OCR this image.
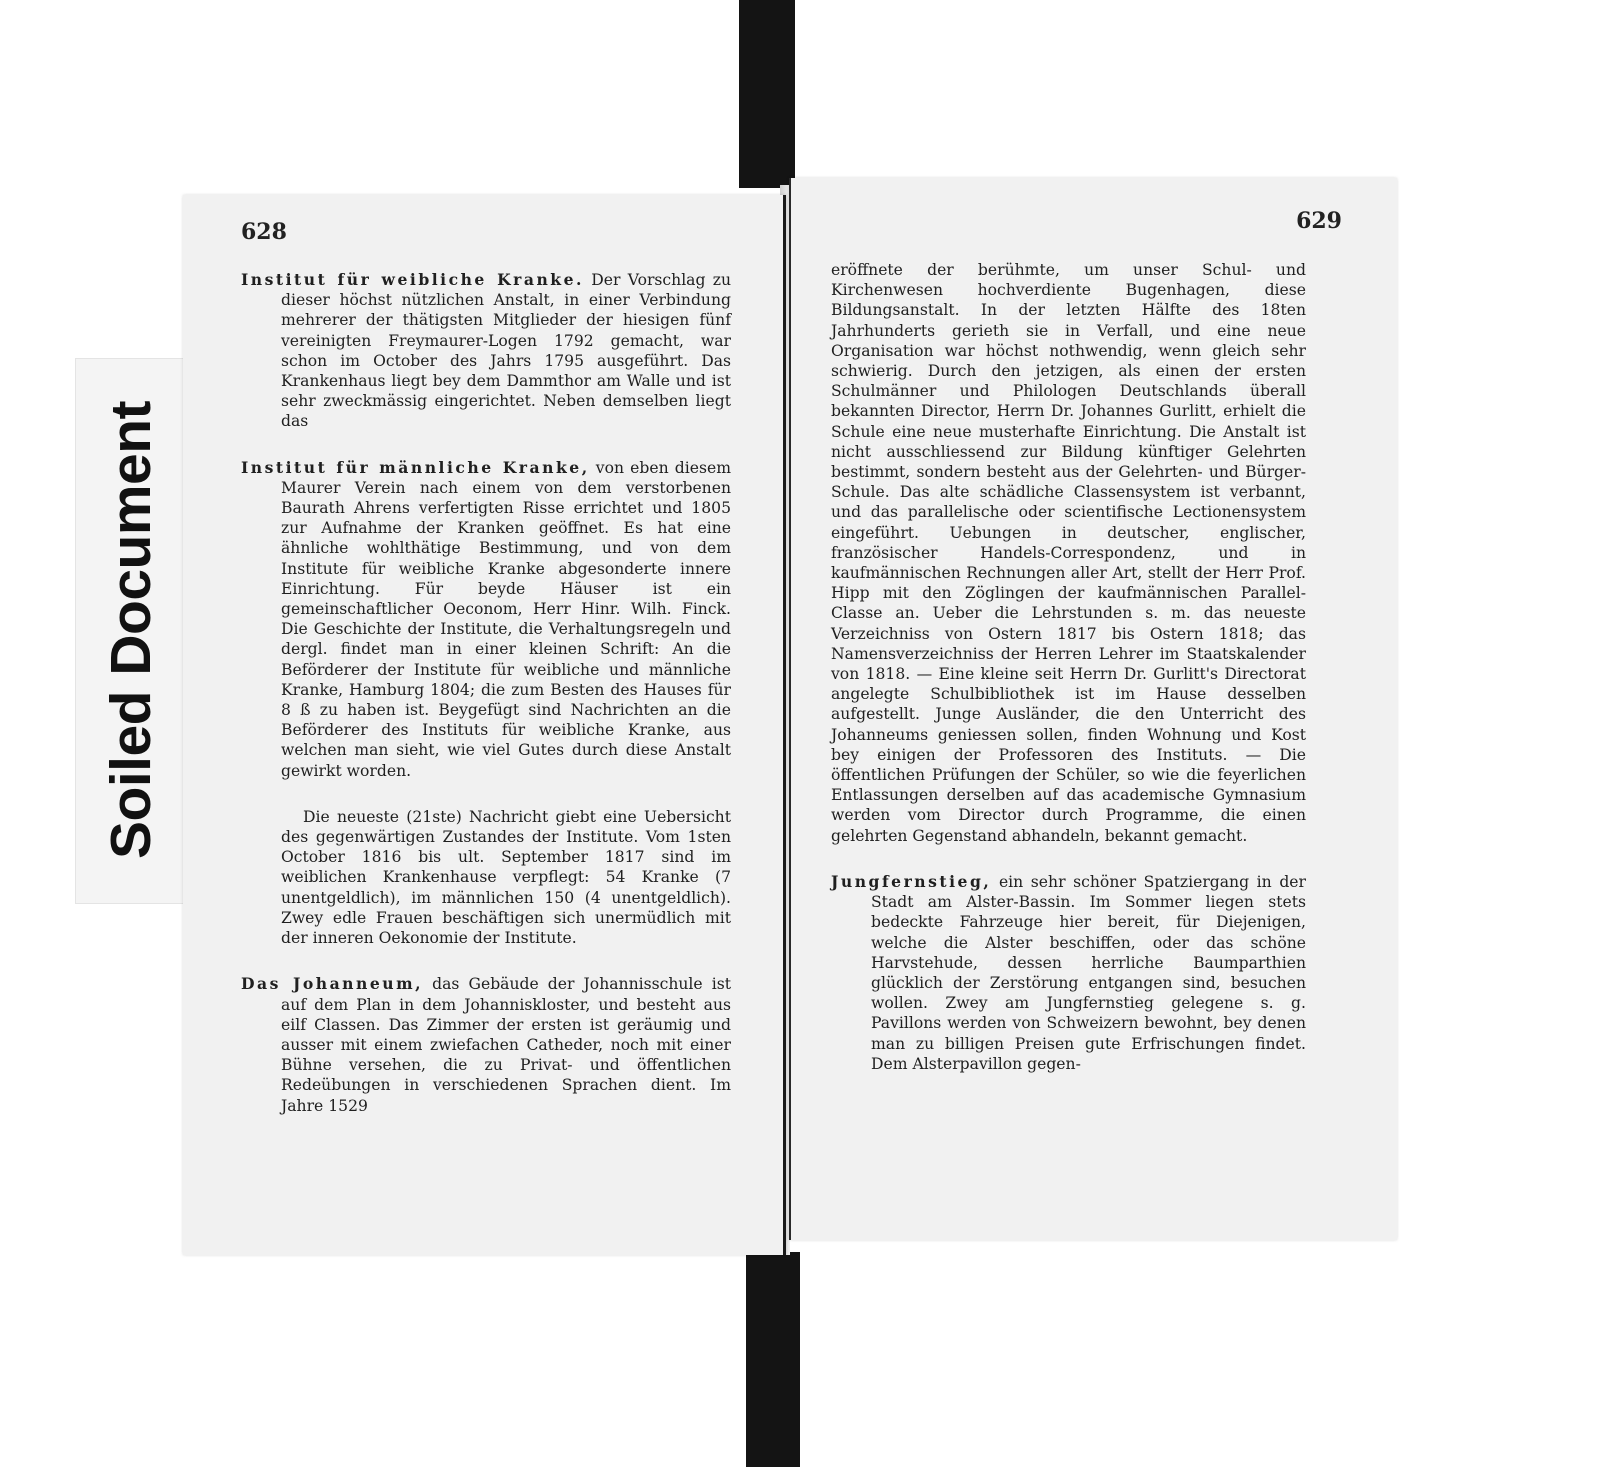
Soiled Document
628

Institut für weibliche Kranke. Der Vorschlag zu dieser höchst nützlichen Anstalt, in einer Verbindung mehrerer der thätigsten Mitglieder der hiesigen fünf vereinigten Freymaurer-Logen 1792 gemacht, war schon im October des Jahrs 1795 ausgeführt. Das Krankenhaus liegt bey dem Dammthor am Walle und ist sehr zweckmässig eingerichtet. Neben demselben liegt das

Institut für männliche Kranke, von eben diesem Maurer Verein nach einem von dem verstorbenen Baurath Ahrens verfertigten Risse errichtet und 1805 zur Aufnahme der Kranken geöffnet. Es hat eine ähnliche wohlthätige Bestimmung, und von dem Institute für weibliche Kranke abgesonderte innere Einrichtung. Für beyde Häuser ist ein gemeinschaftlicher Oeconom, Herr Hinr. Wilh. Finck. Die Geschichte der Institute, die Verhaltungsregeln und dergl. findet man in einer kleinen Schrift: An die Beförderer der Institute für weibliche und männliche Kranke, Hamburg 1804; die zum Besten des Hauses für 8 ß zu haben ist. Beygefügt sind Nachrichten an die Beförderer des Instituts für weibliche Kranke, aus welchen man sieht, wie viel Gutes durch diese Anstalt gewirkt worden.

Die neueste (21ste) Nachricht giebt eine Uebersicht des gegenwärtigen Zustandes der Institute. Vom 1sten October 1816 bis ult. September 1817 sind im weiblichen Krankenhause verpflegt: 54 Kranke (7 unentgeldlich), im männlichen 150 (4 unentgeldlich). Zwey edle Frauen beschäftigen sich unermüdlich mit der inneren Oekonomie der Institute.

Das Johanneum, das Gebäude der Johannisschule ist auf dem Plan in dem Johanniskloster, und besteht aus eilf Classen. Das Zimmer der ersten ist geräumig und ausser mit einem zwiefachen Catheder, noch mit einer Bühne versehen, die zu Privat- und öffentlichen Redeübungen in verschiedenen Sprachen dient. Im Jahre 1529

629

eröffnete der berühmte, um unser Schul- und Kirchenwesen hochverdiente Bugenhagen, diese Bildungsanstalt. In der letzten Hälfte des 18ten Jahrhunderts gerieth sie in Verfall, und eine neue Organisation war höchst nothwendig, wenn gleich sehr schwierig. Durch den jetzigen, als einen der ersten Schulmänner und Philologen Deutschlands überall bekannten Director, Herrn Dr. Johannes Gurlitt, erhielt die Schule eine neue musterhafte Einrichtung. Die Anstalt ist nicht ausschliessend zur Bildung künftiger Gelehrten bestimmt, sondern besteht aus der Gelehrten- und Bürger-Schule. Das alte schädliche Classensystem ist verbannt, und das parallelische oder scientifische Lectionensystem eingeführt. Uebungen in deutscher, englischer, französischer Handels-Correspondenz, und in kaufmännischen Rechnungen aller Art, stellt der Herr Prof. Hipp mit den Zöglingen der kaufmännischen Parallel-Classe an. Ueber die Lehrstunden s. m. das neueste Verzeichniss von Ostern 1817 bis Ostern 1818; das Namensverzeichniss der Herren Lehrer im Staatskalender von 1818. — Eine kleine seit Herrn Dr. Gurlitt's Directorat angelegte Schulbibliothek ist im Hause desselben aufgestellt. Junge Ausländer, die den Unterricht des Johanneums geniessen sollen, finden Wohnung und Kost bey einigen der Professoren des Instituts. — Die öffentlichen Prüfungen der Schüler, so wie die feyerlichen Entlassungen derselben auf das academische Gymnasium werden vom Director durch Programme, die einen gelehrten Gegenstand abhandeln, bekannt gemacht.

Jungfernstieg, ein sehr schöner Spatziergang in der Stadt am Alster-Bassin. Im Sommer liegen stets bedeckte Fahrzeuge hier bereit, für Diejenigen, welche die Alster beschiffen, oder das schöne Harvstehude, dessen herrliche Baumparthien glücklich der Zerstörung entgangen sind, besuchen wollen. Zwey am Jungfernstieg gelegene s. g. Pavillons werden von Schweizern bewohnt, bey denen man zu billigen Preisen gute Erfrischungen findet. Dem Alsterpavillon gegen-
